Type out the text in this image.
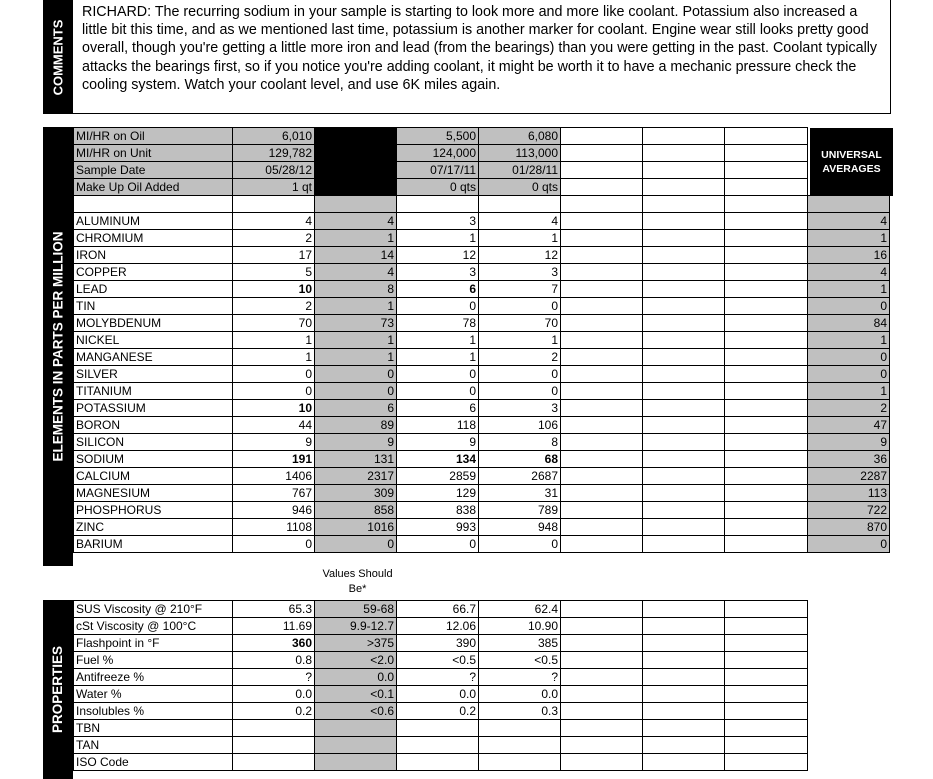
COMMENTS
RICHARD: The recurring sodium in your sample is starting to look more and more like coolant. Potassium also increased a little bit this time, and as we mentioned last time, potassium is another marker for coolant. Engine wear still looks pretty good overall, though you're getting a little more iron and lead (from the bearings) than you were getting in the past. Coolant typically attacks the bearings first, so if you notice you're adding coolant, it might be worth it to have a mechanic pressure check the cooling system. Watch your coolant level, and use 6K miles again.
ELEMENTS IN PARTS PER MILLION
MI/HR on Oil	6,010		5,500	6,080				
MI/HR on Unit	129,782		124,000	113,000				
Sample Date	05/28/12		07/17/11	01/28/11				
Make Up Oil Added	1 qt		0 qts	0 qts				

ALUMINUM	4	4	3	4				4
CHROMIUM	2	1	1	1				1
IRON	17	14	12	12				16
COPPER	5	4	3	3				4
LEAD	10	8	6	7				1
TIN	2	1	0	0				0
MOLYBDENUM	70	73	78	70				84
NICKEL	1	1	1	1				1
MANGANESE	1	1	1	2				0
SILVER	0	0	0	0				0
TITANIUM	0	0	0	0				1
POTASSIUM	10	6	6	3				2
BORON	44	89	118	106				47
SILICON	9	9	9	8				9
SODIUM	191	131	134	68				36
CALCIUM	1406	2317	2859	2687				2287
MAGNESIUM	767	309	129	31				113
PHOSPHORUS	946	858	838	789				722
ZINC	1108	1016	993	948				870
BARIUM	0	0	0	0				0
UNIT / LOCATION AVERAGES
UNIVERSAL AVERAGES
Values Should Be*
PROPERTIES
SUS Viscosity @ 210°F	65.3	59-68	66.7	62.4			
cSt Viscosity @ 100°C	11.69	9.9-12.7	12.06	10.90			
Flashpoint in °F	360	>375	390	385			
Fuel %	0.8	<2.0	<0.5	<0.5			
Antifreeze %	?	0.0	?	?			
Water %	0.0	<0.1	0.0	0.0			
Insolubles %	0.2	<0.6	0.2	0.3			
TBN							
TAN							
ISO Code							
